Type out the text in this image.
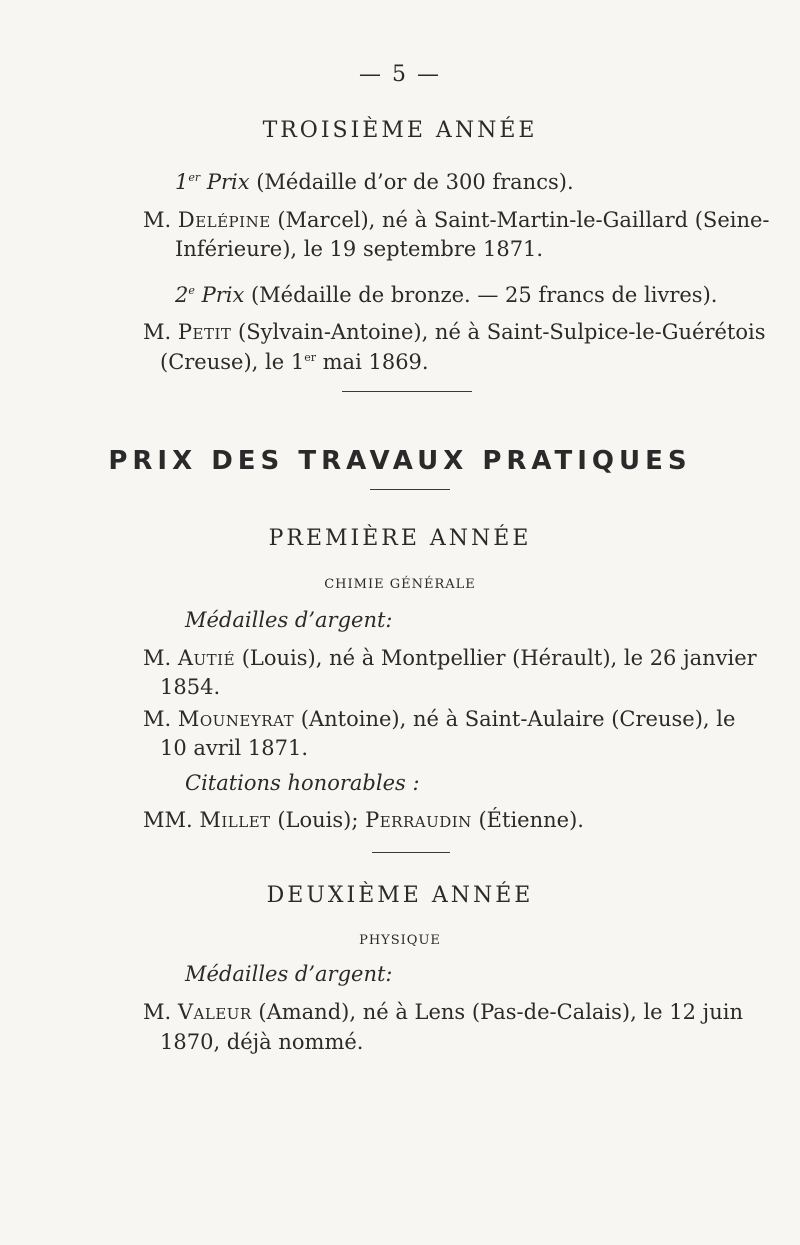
— 5 —
TROISIÈME ANNÉE
1er Prix (Médaille d’or de 300 francs).
M. Delépine (Marcel), né à Saint-Martin-le-Gaillard (Seine-
Inférieure), le 19 septembre 1871.
2e Prix (Médaille de bronze. — 25 francs de livres).
M. Petit (Sylvain-Antoine), né à Saint-Sulpice-le-Guérétois
(Creuse), le 1er mai 1869.
PRIX DES TRAVAUX PRATIQUES
PREMIÈRE ANNÉE
CHIMIE GÉNÉRALE
Médailles d’argent:
M. Autié (Louis), né à Montpellier (Hérault), le 26 janvier
1854.
M. Mouneyrat (Antoine), né à Saint-Aulaire (Creuse), le
10 avril 1871.
Citations honorables :
MM. Millet (Louis); Perraudin (Étienne).
DEUXIÈME ANNÉE
PHYSIQUE
Médailles d’argent:
M. Valeur (Amand), né à Lens (Pas-de-Calais), le 12 juin
1870, déjà nommé.
